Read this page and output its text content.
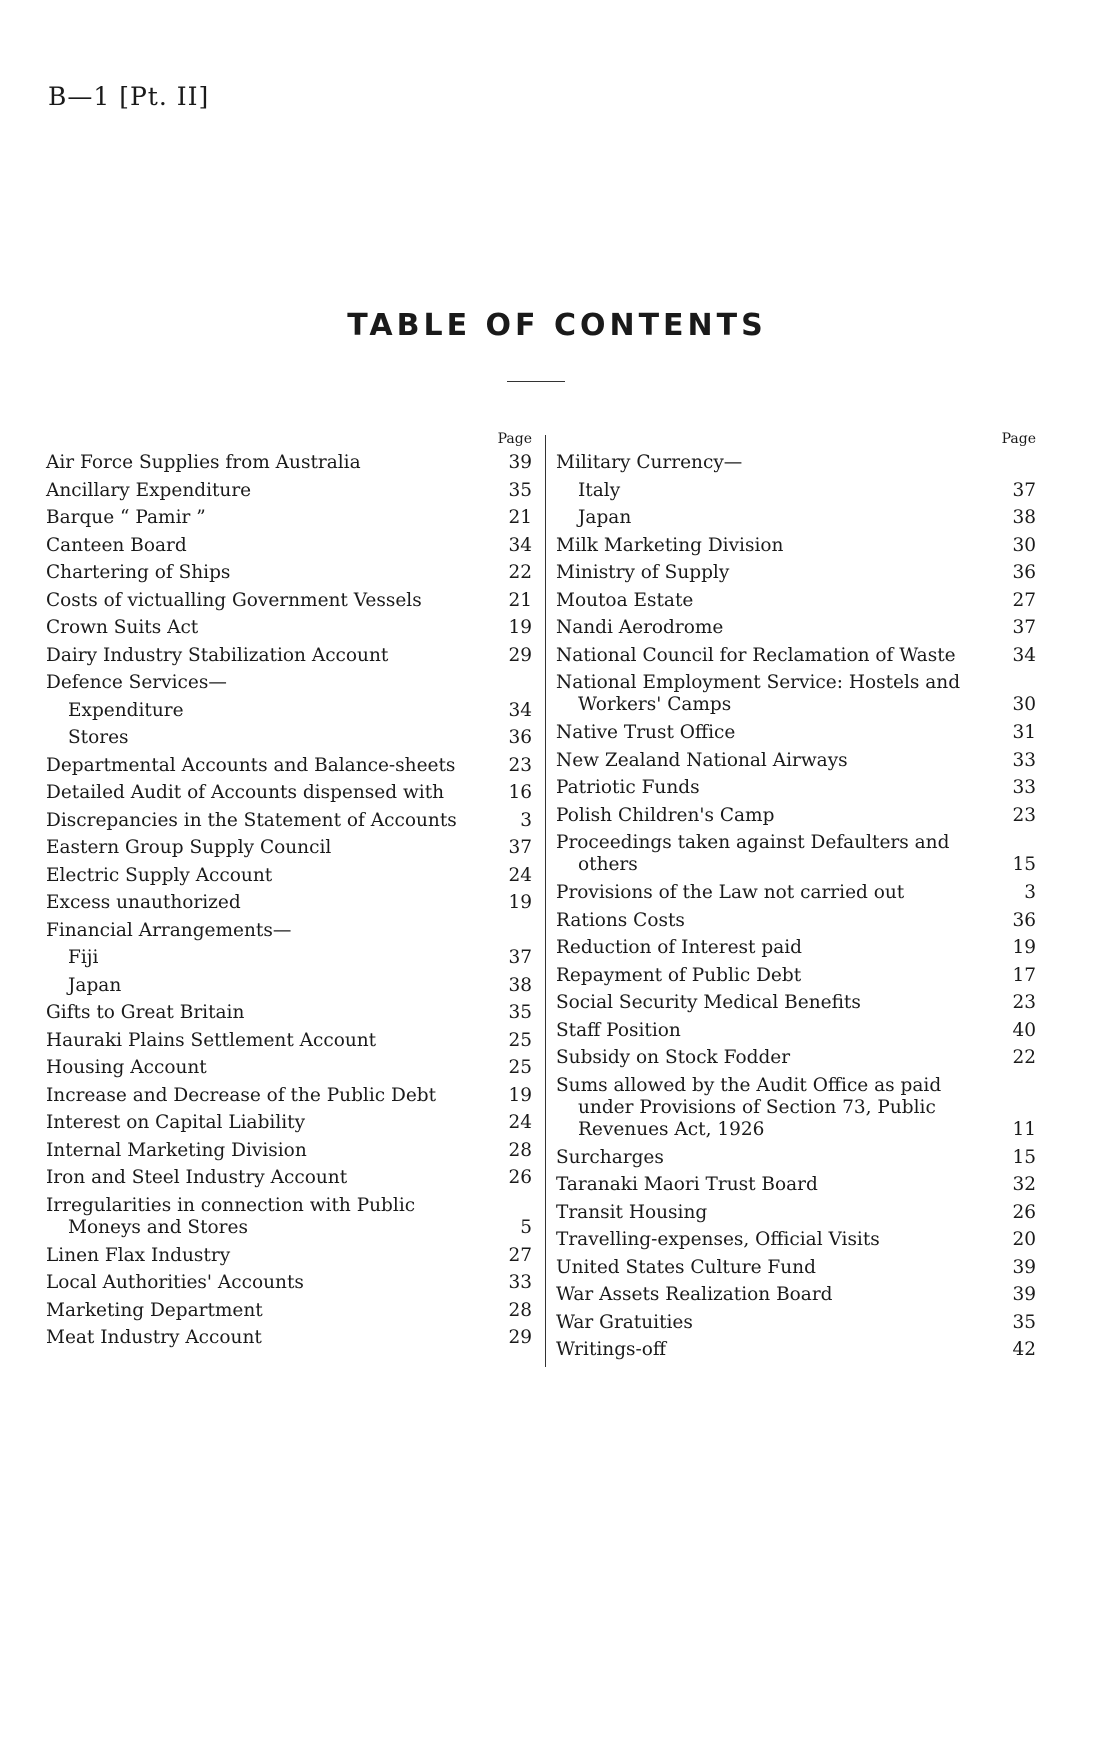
B—1 [Pt. II]
TABLE OF CONTENTS
Page
Air Force Supplies from Australia	39
Ancillary Expenditure	35
Barque “ Pamir ”	21
Canteen Board	34
Chartering of Ships	22
Costs of victualling Government Vessels	21
Crown Suits Act	19
Dairy Industry Stabilization Account	29
Defence Services—
Expenditure	34
Stores	36
Departmental Accounts and Balance-sheets	23
Detailed Audit of Accounts dispensed with	16
Discrepancies in the Statement of Accounts	3
Eastern Group Supply Council	37
Electric Supply Account	24
Excess unauthorized	19
Financial Arrangements—
Fiji	37
Japan	38
Gifts to Great Britain	35
Hauraki Plains Settlement Account	25
Housing Account	25
Increase and Decrease of the Public Debt	19
Interest on Capital Liability	24
Internal Marketing Division	28
Iron and Steel Industry Account	26
Irregularities in connection with Public
Moneys and Stores	5
Linen Flax Industry	27
Local Authorities' Accounts	33
Marketing Department	28
Meat Industry Account	29
Page
Military Currency—
Italy	37
Japan	38
Milk Marketing Division	30
Ministry of Supply	36
Moutoa Estate	27
Nandi Aerodrome	37
National Council for Reclamation of Waste	34
National Employment Service: Hostels and
Workers' Camps	30
Native Trust Office	31
New Zealand National Airways	33
Patriotic Funds	33
Polish Children's Camp	23
Proceedings taken against Defaulters and
others	15
Provisions of the Law not carried out	3
Rations Costs	36
Reduction of Interest paid	19
Repayment of Public Debt	17
Social Security Medical Benefits	23
Staff Position	40
Subsidy on Stock Fodder	22
Sums allowed by the Audit Office as paid
under Provisions of Section 73, Public
Revenues Act, 1926	11
Surcharges	15
Taranaki Maori Trust Board	32
Transit Housing	26
Travelling-expenses, Official Visits	20
United States Culture Fund	39
War Assets Realization Board	39
War Gratuities	35
Writings-off	42
